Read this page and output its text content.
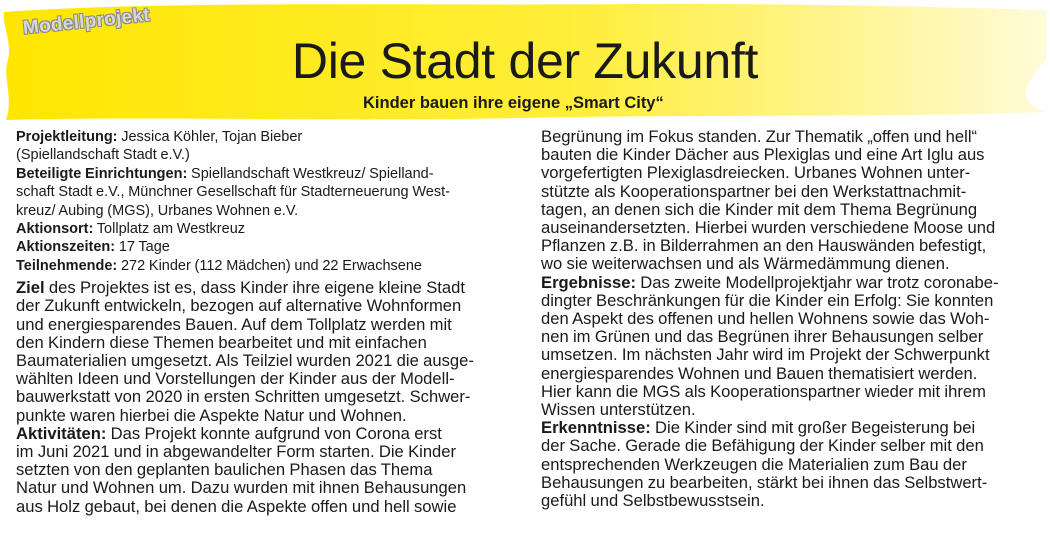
Modellprojekt
Die Stadt der Zukunft
Kinder bauen ihre eigene „Smart City“
Projektleitung: Jessica Köhler, Tojan Bieber
(Spiellandschaft Stadt e.V.)
Beteiligte Einrichtungen: Spiellandschaft Westkreuz/ Spielland-
schaft Stadt e.V., Münchner Gesellschaft für Stadterneuerung West-
kreuz/ Aubing (MGS), Urbanes Wohnen e.V.
Aktionsort: Tollplatz am Westkreuz
Aktionszeiten: 17 Tage
Teilnehmende: 272 Kinder (112 Mädchen) und 22 Erwachsene
Ziel des Projektes ist es, dass Kinder ihre eigene kleine Stadt
der Zukunft entwickeln, bezogen auf alternative Wohnformen
und energiesparendes Bauen. Auf dem Tollplatz werden mit
den Kindern diese Themen bearbeitet und mit einfachen
Baumaterialien umgesetzt. Als Teilziel wurden 2021 die ausge-
wählten Ideen und Vorstellungen der Kinder aus der Modell-
bauwerkstatt von 2020 in ersten Schritten umgesetzt. Schwer-
punkte waren hierbei die Aspekte Natur und Wohnen.
Aktivitäten: Das Projekt konnte aufgrund von Corona erst
im Juni 2021 und in abgewandelter Form starten. Die Kinder
setzten von den geplanten baulichen Phasen das Thema
Natur und Wohnen um. Dazu wurden mit ihnen Behausungen
aus Holz gebaut, bei denen die Aspekte offen und hell sowie
Begrünung im Fokus standen. Zur Thematik „offen und hell“
bauten die Kinder Dächer aus Plexiglas und eine Art Iglu aus
vorgefertigten Plexiglasdreiecken. Urbanes Wohnen unter-
stützte als Kooperationspartner bei den Werkstattnachmit-
tagen, an denen sich die Kinder mit dem Thema Begrünung
auseinandersetzten. Hierbei wurden verschiedene Moose und
Pflanzen z.B. in Bilderrahmen an den Hauswänden befestigt,
wo sie weiterwachsen und als Wärmedämmung dienen.
Ergebnisse: Das zweite Modellprojektjahr war trotz coronabe-
dingter Beschränkungen für die Kinder ein Erfolg: Sie konnten
den Aspekt des offenen und hellen Wohnens sowie das Woh-
nen im Grünen und das Begrünen ihrer Behausungen selber
umsetzen. Im nächsten Jahr wird im Projekt der Schwerpunkt
energiesparendes Wohnen und Bauen thematisiert werden.
Hier kann die MGS als Kooperationspartner wieder mit ihrem
Wissen unterstützen.
Erkenntnisse: Die Kinder sind mit großer Begeisterung bei
der Sache. Gerade die Befähigung der Kinder selber mit den
entsprechenden Werkzeugen die Materialien zum Bau der
Behausungen zu bearbeiten, stärkt bei ihnen das Selbstwert-
gefühl und Selbstbewusstsein.
